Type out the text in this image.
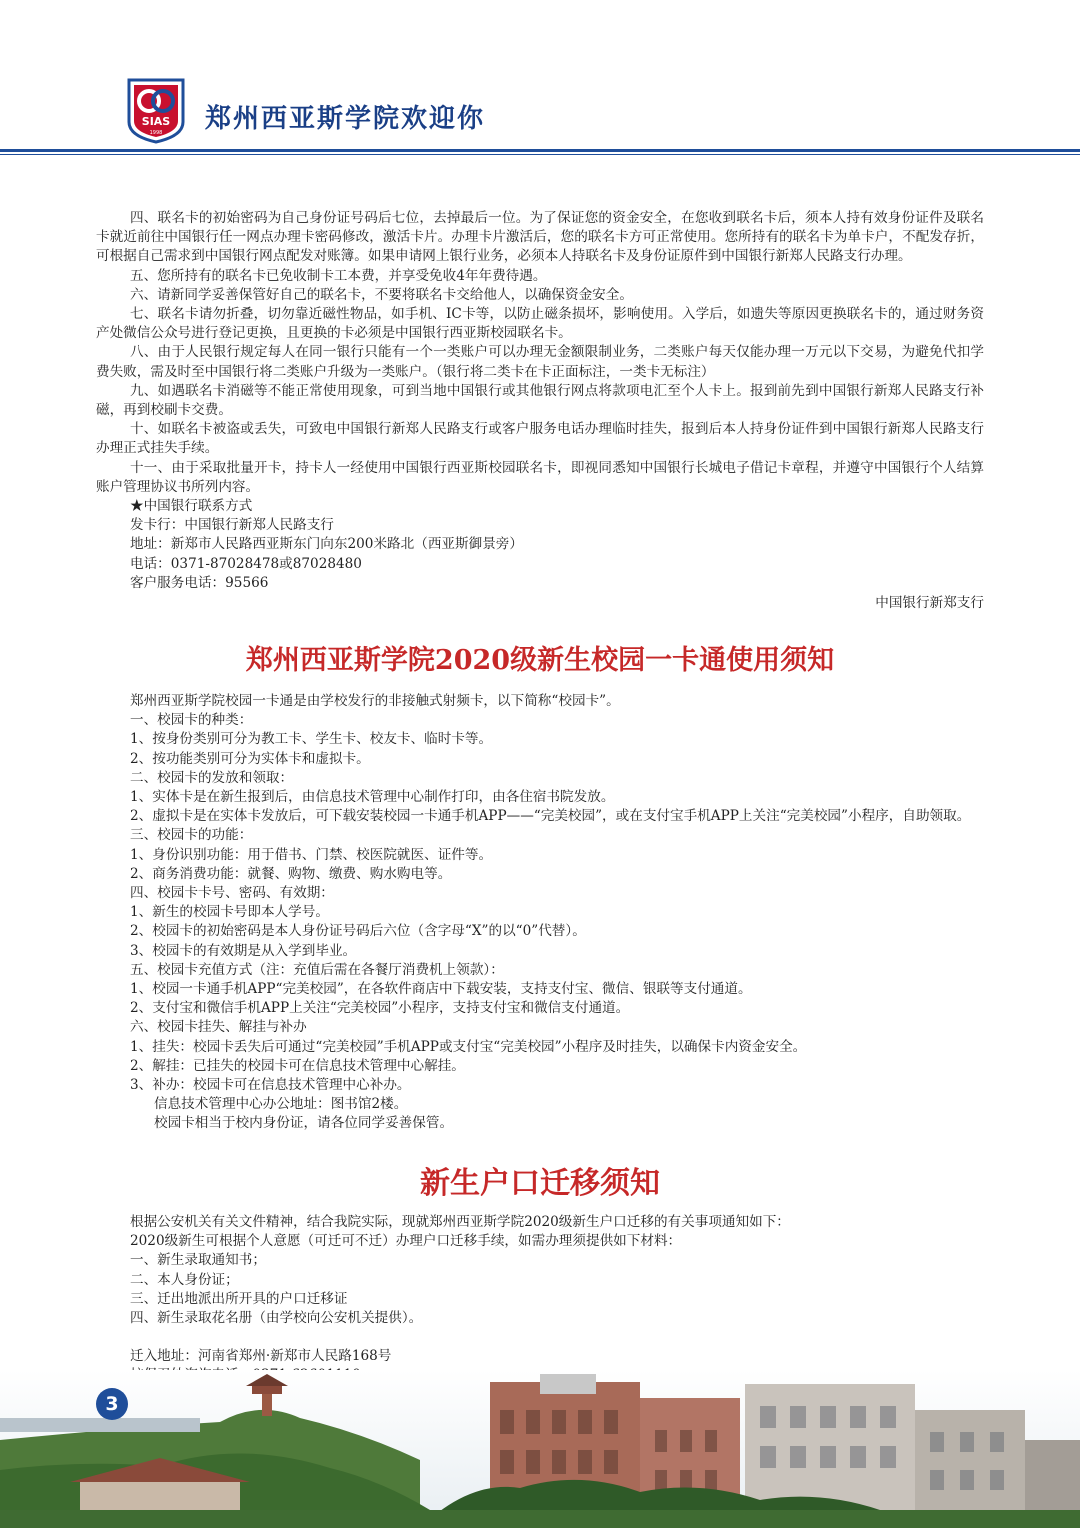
SIAS
1998 郑州西亚斯学院欢迎你

四、联名卡的初始密码为自己身份证号码后七位，去掉最后一位。为了保证您的资金安全，在您收到联名卡后，须本人持有效身份证件及联名卡就近前往中国银行任一网点办理卡密码修改，激活卡片。办理卡片激活后，您的联名卡方可正常使用。您所持有的联名卡为单卡户，不配发存折，可根据自己需求到中国银行网点配发对账簿。如果申请网上银行业务，必须本人持联名卡及身份证原件到中国银行新郑人民路支行办理。

五、您所持有的联名卡已免收制卡工本费，并享受免收4年年费待遇。

六、请新同学妥善保管好自己的联名卡，不要将联名卡交给他人，以确保资金安全。

七、联名卡请勿折叠，切勿靠近磁性物品，如手机、IC卡等，以防止磁条损坏，影响使用。入学后，如遗失等原因更换联名卡的，通过财务资产处微信公众号进行登记更换，且更换的卡必须是中国银行西亚斯校园联名卡。

八、由于人民银行规定每人在同一银行只能有一个一类账户可以办理无金额限制业务，二类账户每天仅能办理一万元以下交易，为避免代扣学费失败，需及时至中国银行将二类账户升级为一类账户。（银行将二类卡在卡正面标注，一类卡无标注）

九、如遇联名卡消磁等不能正常使用现象，可到当地中国银行或其他银行网点将款项电汇至个人卡上。报到前先到中国银行新郑人民路支行补磁，再到校刷卡交费。

十、如联名卡被盗或丢失，可致电中国银行新郑人民路支行或客户服务电话办理临时挂失，报到后本人持身份证件到中国银行新郑人民路支行办理正式挂失手续。

十一、由于采取批量开卡，持卡人一经使用中国银行西亚斯校园联名卡，即视同悉知中国银行长城电子借记卡章程，并遵守中国银行个人结算账户管理协议书所列内容。

★中国银行联系方式

发卡行：中国银行新郑人民路支行

地址：新郑市人民路西亚斯东门向东200米路北（西亚斯御景旁）

电话：0371-87028478或87028480

客户服务电话：95566

中国银行新郑支行

郑州西亚斯学院2020级新生校园一卡通使用须知

郑州西亚斯学院校园一卡通是由学校发行的非接触式射频卡，以下简称“校园卡”。

一、校园卡的种类：

1、按身份类别可分为教工卡、学生卡、校友卡、临时卡等。

2、按功能类别可分为实体卡和虚拟卡。

二、校园卡的发放和领取：

1、实体卡是在新生报到后，由信息技术管理中心制作打印，由各住宿书院发放。

2、虚拟卡是在实体卡发放后，可下载安装校园一卡通手机APP——“完美校园”，或在支付宝手机APP上关注“完美校园”小程序，自助领取。

三、校园卡的功能：

1、身份识别功能：用于借书、门禁、校医院就医、证件等。

2、商务消费功能：就餐、购物、缴费、购水购电等。

四、校园卡卡号、密码、有效期：

1、新生的校园卡号即本人学号。

2、校园卡的初始密码是本人身份证号码后六位（含字母“X”的以“0”代替）。

3、校园卡的有效期是从入学到毕业。

五、校园卡充值方式（注：充值后需在各餐厅消费机上领款）：

1、校园一卡通手机APP“完美校园”，在各软件商店中下载安装，支持支付宝、微信、银联等支付通道。

2、支付宝和微信手机APP上关注“完美校园”小程序，支持支付宝和微信支付通道。

六、校园卡挂失、解挂与补办

1、挂失：校园卡丢失后可通过“完美校园”手机APP或支付宝“完美校园”小程序及时挂失，以确保卡内资金安全。

2、解挂：已挂失的校园卡可在信息技术管理中心解挂。

3、补办：校园卡可在信息技术管理中心补办。

信息技术管理中心办公地址：图书馆2楼。

校园卡相当于校内身份证，请各位同学妥善保管。

新生户口迁移须知

根据公安机关有关文件精神，结合我院实际，现就郑州西亚斯学院2020级新生户口迁移的有关事项通知如下：

2020级新生可根据个人意愿（可迁可不迁）办理户口迁移手续，如需办理须提供如下材料：

一、新生录取通知书；

二、本人身份证；

三、迁出地派出所开具的户口迁移证

四、新生录取花名册（由学校向公安机关提供）。

迁入地址：河南省郑州·新郑市人民路168号

3
